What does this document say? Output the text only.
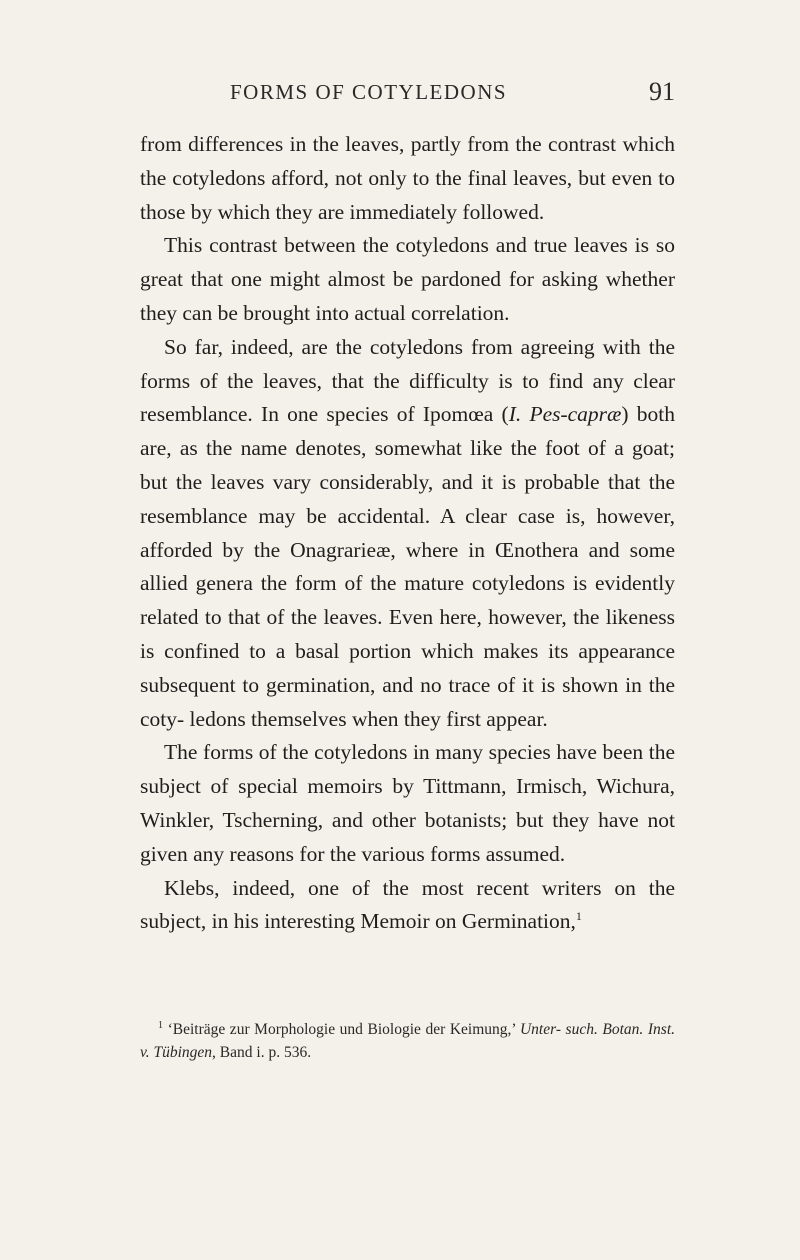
FORMS OF COTYLEDONS	91

from differences in the leaves, partly from the contrast which the cotyledons afford, not only to the final leaves, but even to those by which they are immediately followed.

This contrast between the cotyledons and true leaves is so great that one might almost be pardoned for asking whether they can be brought into actual correlation.

So far, indeed, are the cotyledons from agreeing with the forms of the leaves, that the difficulty is to find any clear resemblance. In one species of Ipomœa (I. Pes-capræ) both are, as the name denotes, somewhat like the foot of a goat; but the leaves vary considerably, and it is probable that the resemblance may be accidental. A clear case is, however, afforded by the Onagrarieæ, where in Œnothera and some allied genera the form of the mature cotyledons is evidently related to that of the leaves. Even here, however, the likeness is confined to a basal portion which makes its appearance subsequent to germination, and no trace of it is shown in the coty- ledons themselves when they first appear.

The forms of the cotyledons in many species have been the subject of special memoirs by Tittmann, Irmisch, Wichura, Winkler, Tscherning, and other botanists; but they have not given any reasons for the various forms assumed.

Klebs, indeed, one of the most recent writers on the subject, in his interesting Memoir on Germination,$^1$

$^1$ ‘Beiträge zur Morphologie und Biologie der Keimung,’ Unter- such. Botan. Inst. v. Tübingen, Band i. p. 536.
